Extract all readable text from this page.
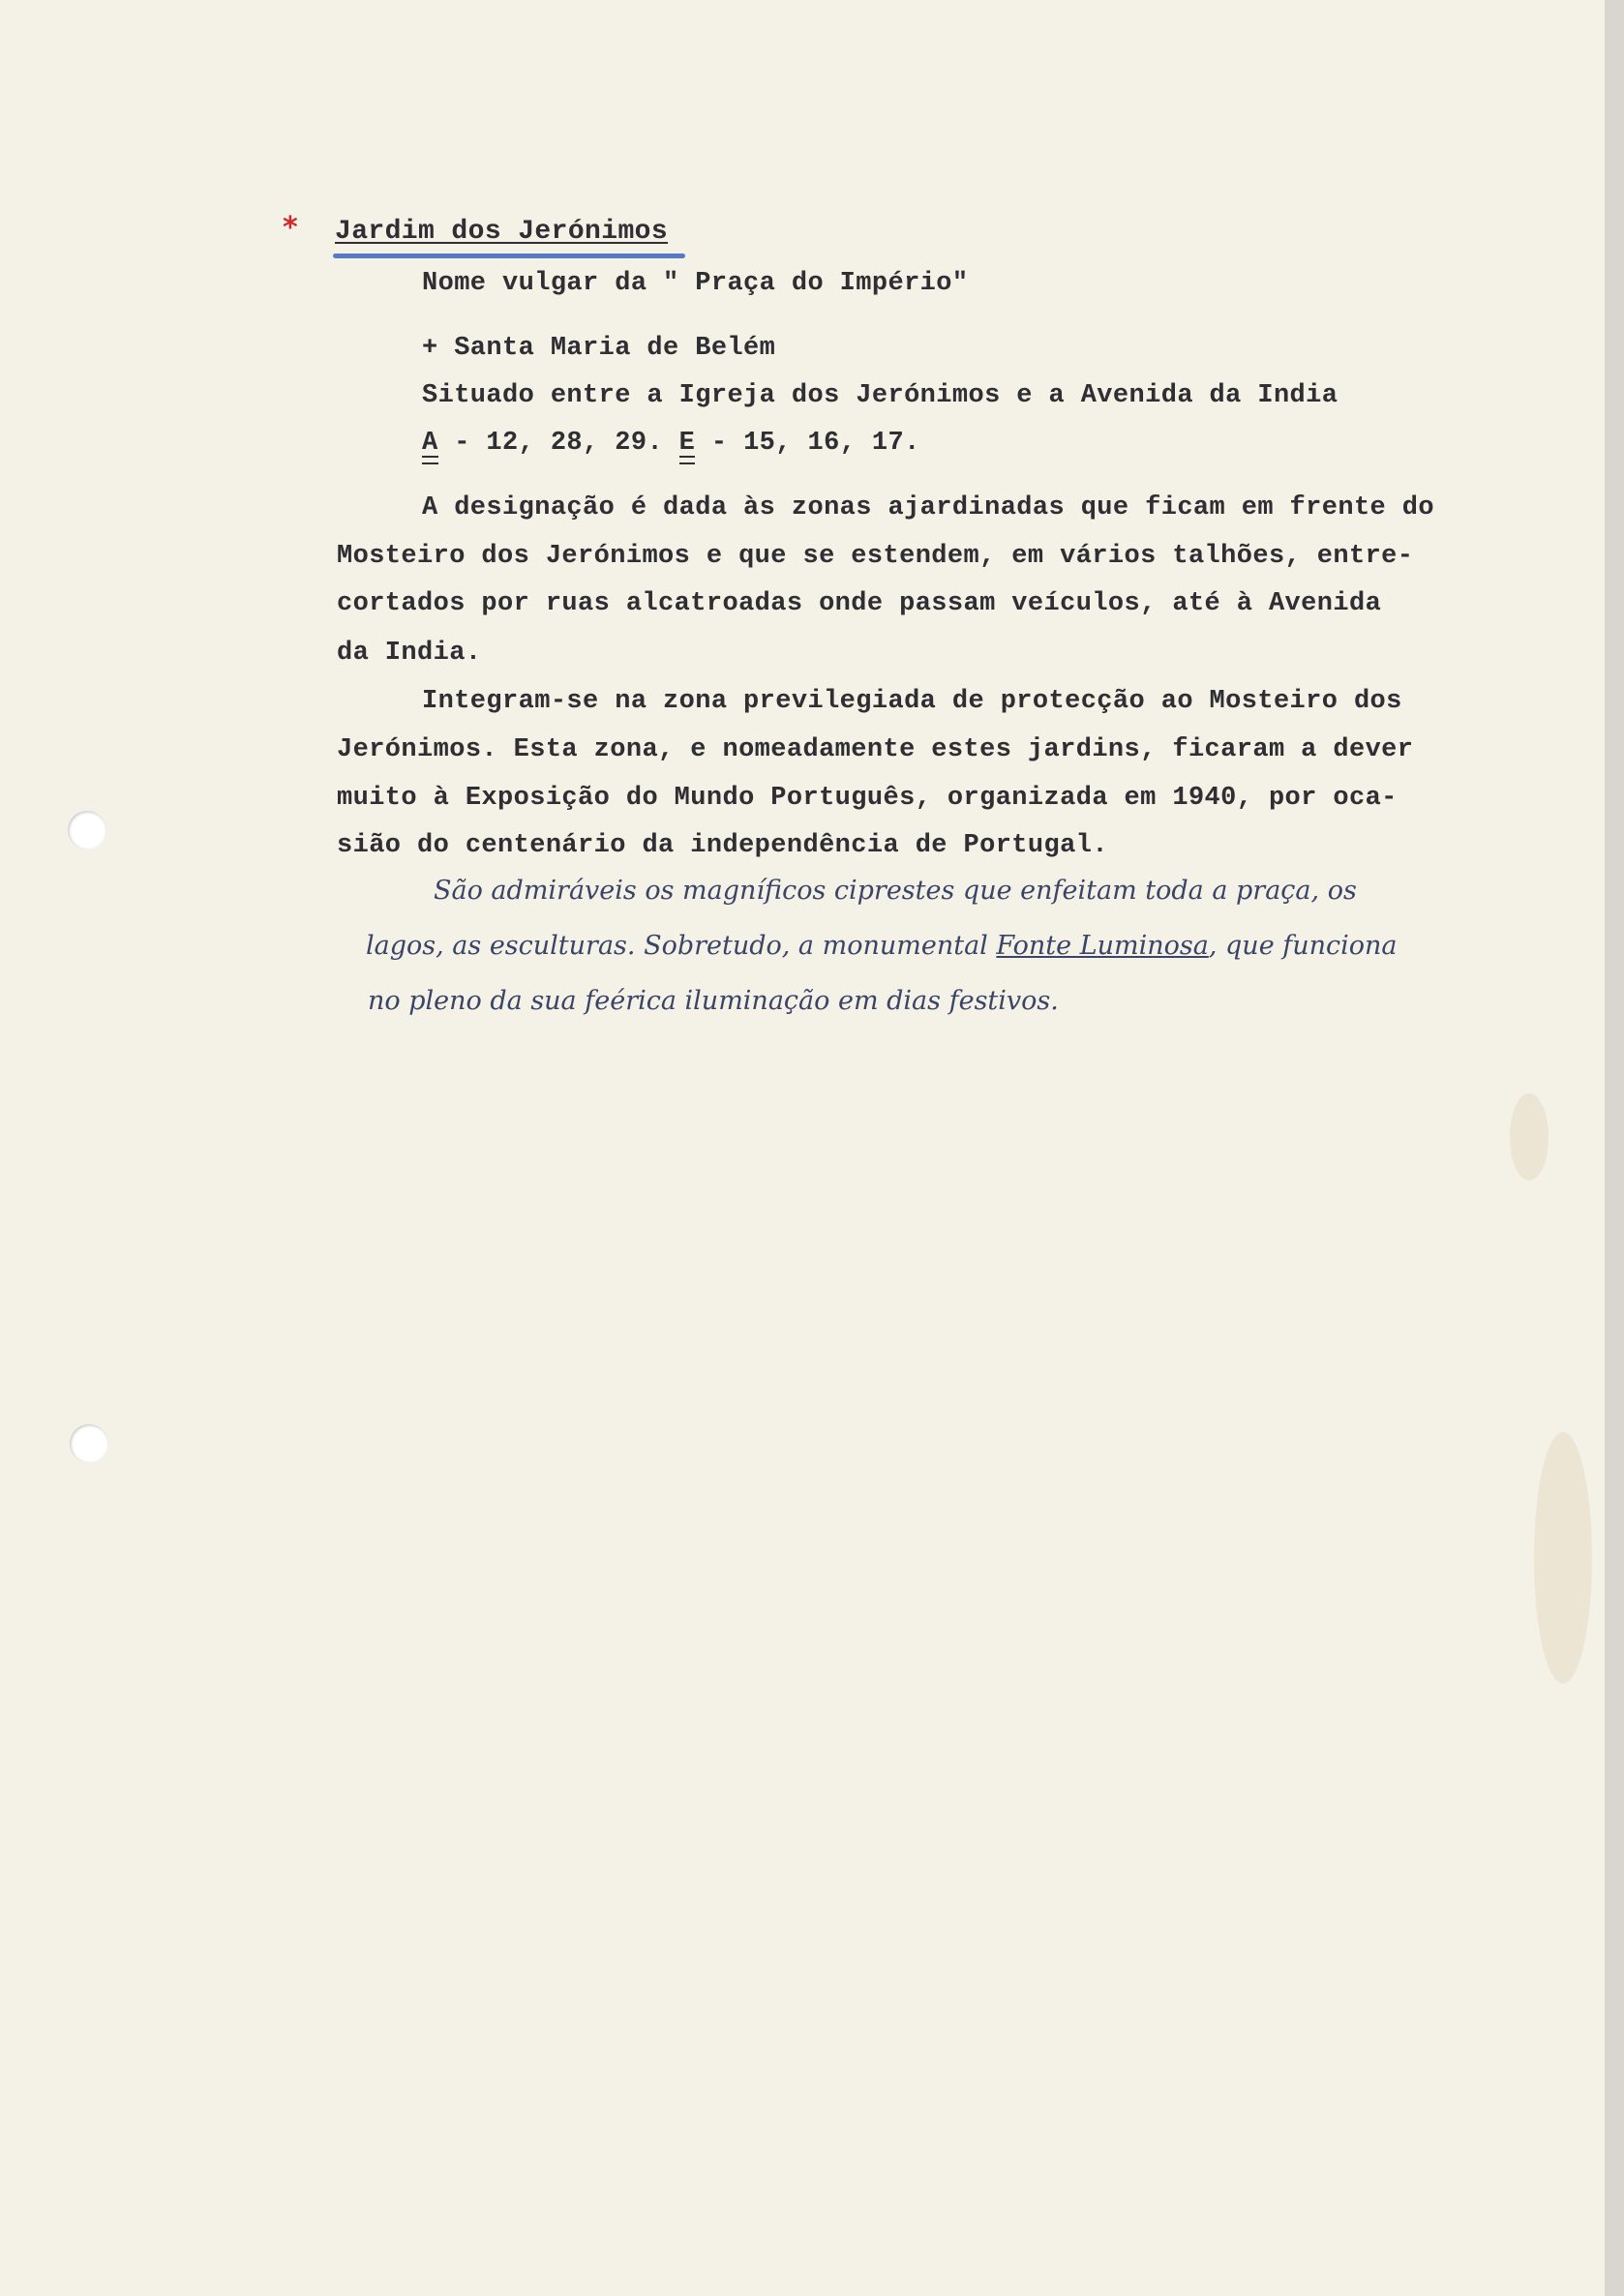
* Jardim dos Jerónimos
Nome vulgar da " Praça do Império"
+ Santa Maria de Belém
Situado entre a Igreja dos Jerónimos e a Avenida da India
A - 12, 28, 29. E - 15, 16, 17.
A designação é dada às zonas ajardinadas que ficam em frente do
Mosteiro dos Jerónimos e que se estendem, em vários talhões, entre-
cortados por ruas alcatroadas onde passam veículos, até à Avenida
da India.
Integram-se na zona previlegiada de protecção ao Mosteiro dos
Jerónimos. Esta zona, e nomeadamente estes jardins, ficaram a dever
muito à Exposição do Mundo Português, organizada em 1940, por oca-
sião do centenário da independência de Portugal.
São admiráveis os magníficos ciprestes que enfeitam toda a praça, os
lagos, as esculturas. Sobretudo, a monumental Fonte Luminosa, que funciona
no pleno da sua feérica iluminação em dias festivos.
